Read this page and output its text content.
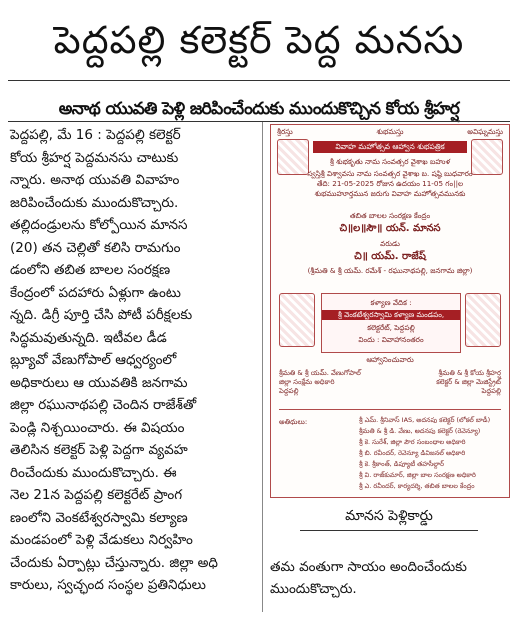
పెద్దపల్లి కలెక్టర్ పెద్ద మనసు
అనాథ యువతి పెళ్లి జరిపించేందుకు ముందుకొచ్చిన కోయ శ్రీహర్ష

పెద్దపల్లి, మే 16 : పెద్దపల్లి కలెక్టర్

కోయ శ్రీహర్ష పెద్దమనసు చాటుకు

న్నారు. అనాథ యువతి వివాహం

జరిపించేందుకు ముందుకొచ్చారు.

తల్లిదండ్రులను కోల్పోయిన మానస

(20) తన చెల్లితో కలిసి రామగుం

డంలోని తబిత బాలల సంరక్షణ

కేంద్రంలో పదహారు ఏళ్లుగా ఉంటు

న్నది. డిగ్రీ పూర్తి చేసి పోటీ పరీక్షలకు

సిద్ధమవుతున్నది. ఇటీవల డీడ

బ్ల్యూవో వేణుగోపాల్ ఆధ్వర్యంలో

అధికారులు ఆ యువతికి జనగామ

జిల్లా రఘునాథపల్లి చెందిన రాజేశ్‌తో

పెండ్లి నిశ్చయించారు. ఈ విషయం

తెలిసిన కలెక్టర్ పెళ్లి పెద్దగా వ్యవహ

రించేందుకు ముందుకొచ్చారు. ఈ

నెల 21న పెద్దపల్లి కలెక్టరేట్ ప్రాంగ

ణంలోని వెంకటేశ్వరస్వామి కల్యాణ

మండపంలో పెళ్లి వేడుకలు నిర్వహిం

చేందుకు ఏర్పాట్లు చేస్తున్నారు. జిల్లా అధి

కారులు, స్వచ్ఛంద సంస్థల ప్రతినిధులు

శ్రీరస్తు	శుభమస్తు	అవిఘ్నమస్తు
వివాహ మహోత్సవ ఆహ్వాన శుభపత్రిక
శ్రీ శుభకృతు నామ సంవత్సర వైశాఖ బహుళ
స్వస్తిశ్రీ విశ్వావసు నామ సంవత్సర వైశాఖ బ. షష్ఠి బుధవారం
తేది: 21-05-2025 రోజున ఉదయం 11-05 గం||ల
శుభముహూర్తమున జరుగు వివాహ మహోత్సవమునకు
తబిత బాలల సంరక్షణ కేంద్రం
చి॥ల॥సౌ॥ యన్. మానస
వరుడు
చి॥ యమ్. రాజేష్
(శ్రీమతి & శ్రీ యమ్. రమేశ్ - రఘునాథపల్లి, జనగామ జిల్లా)
కళ్యాణ వేదిక :
శ్రీ వెంకటేశ్వరస్వామి కళ్యాణ మండపం,
కలెక్టరేట్, పెద్దపల్లి
విందు : వివాహానంతరం
ఆహ్వానించువారు
శ్రీమతి & శ్రీ యమ్. వేణుగోపాల్
జిల్లా సంక్షేమ అధికారి
పెద్దపల్లి
శ్రీమతి & శ్రీ కోయ శ్రీహర్ష
కలెక్టర్ & జిల్లా మెజిస్ట్రేట్
పెద్దపల్లి
అతిథులు:	శ్రీ ఎమ్. శ్రీనివాస్ IAS, అదనపు కలెక్టర్ (లోకల్ బాడీ)
శ్రీమతి & శ్రీ డి. వేణు, అదనపు కలెక్టర్ (రెవెన్యూ)
శ్రీ కె. సురేశ్, జిల్లా పౌర సంబంధాల అధికారి
శ్రీ బి. రవీందర్, రెవెన్యూ డివిజనల్ అధికారి
శ్రీ కె. శ్రీకాంత్, డిప్యూటీ తహసీల్దార్
శ్రీ వి. రాజ్‌కుమార్, జిల్లా బాల సంరక్షణ అధికారి
శ్రీ ఎ. రవీందర్, కార్యదర్శి, తబిత బాలల కేంద్రం
మానస పెళ్లికార్డు

తమ వంతుగా సాయం అందించేందుకు

ముందుకొచ్చారు.
